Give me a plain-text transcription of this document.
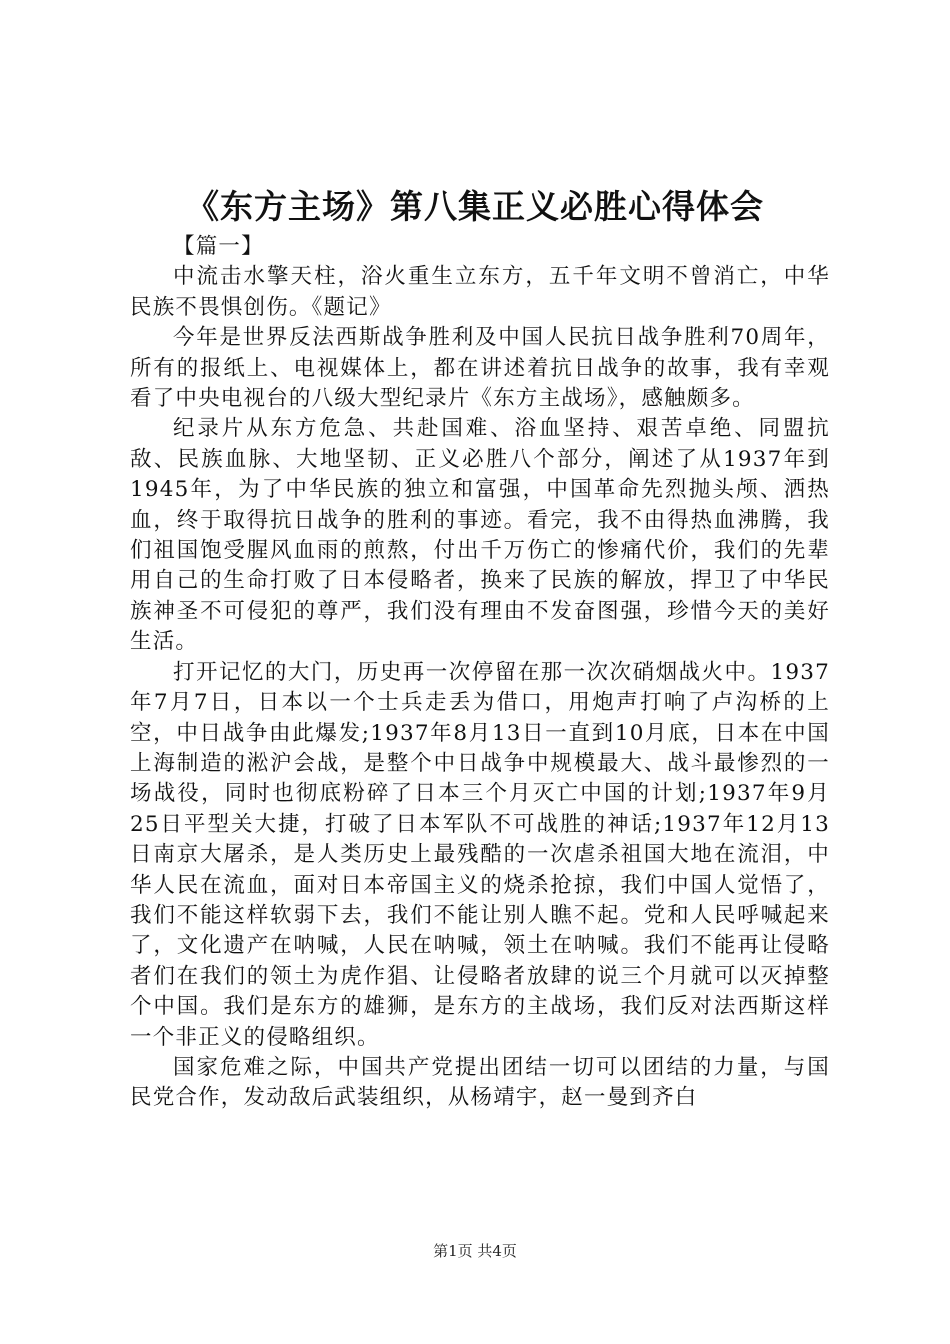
《东方主场》第八集正义必胜心得体会

【篇一】

中流击水擎天柱，浴火重生立东方，五千年文明不曾消亡，中华民族不畏惧创伤。《题记》

今年是世界反法西斯战争胜利及中国人民抗日战争胜利70周年，所有的报纸上、电视媒体上，都在讲述着抗日战争的故事，我有幸观看了中央电视台的八级大型纪录片《东方主战场》，感触颇多。

纪录片从东方危急、共赴国难、浴血坚持、艰苦卓绝、同盟抗敌、民族血脉、大地坚韧、正义必胜八个部分，阐述了从1937年到1945年，为了中华民族的独立和富强，中国革命先烈抛头颅、洒热血，终于取得抗日战争的胜利的事迹。看完，我不由得热血沸腾，我们祖国饱受腥风血雨的煎熬，付出千万伤亡的惨痛代价，我们的先辈用自己的生命打败了日本侵略者，换来了民族的解放，捍卫了中华民族神圣不可侵犯的尊严，我们没有理由不发奋图强，珍惜今天的美好生活。

打开记忆的大门，历史再一次停留在那一次次硝烟战火中。1937年7月7日，日本以一个士兵走丢为借口，用炮声打响了卢沟桥的上空，中日战争由此爆发;1937年8月13日一直到10月底，日本在中国上海制造的淞沪会战，是整个中日战争中规模最大、战斗最惨烈的一场战役，同时也彻底粉碎了日本三个月灭亡中国的计划;1937年9月25日平型关大捷，打破了日本军队不可战胜的神话;1937年12月13日南京大屠杀，是人类历史上最残酷的一次虐杀祖国大地在流泪，中华人民在流血，面对日本帝国主义的烧杀抢掠，我们中国人觉悟了，我们不能这样软弱下去，我们不能让别人瞧不起。党和人民呼喊起来了，文化遗产在呐喊，人民在呐喊，领土在呐喊。我们不能再让侵略者们在我们的领土为虎作猖、让侵略者放肆的说三个月就可以灭掉整个中国。我们是东方的雄狮，是东方的主战场，我们反对法西斯这样一个非正义的侵略组织。

国家危难之际，中国共产党提出团结一切可以团结的力量，与国民党合作，发动敌后武装组织，从杨靖宇，赵一曼到齐白

第1页 共4页
